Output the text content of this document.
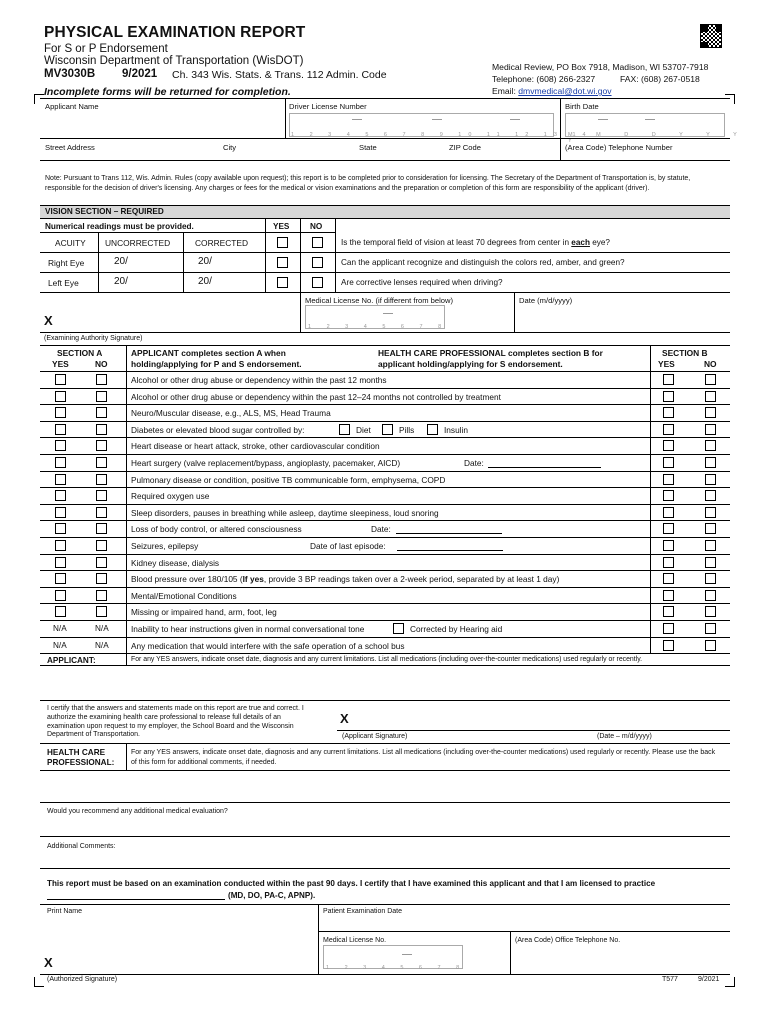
PHYSICAL EXAMINATION REPORT
For S or P Endorsement
Wisconsin Department of Transportation (WisDOT)
MV3030B 9/2021 Ch. 343 Wis. Stats. & Trans. 112 Admin. Code
Incomplete forms will be returned for completion.
Medical Review, PO Box 7918, Madison, WI 53707-7918
Telephone: (608) 266-2327	FAX: (608) 267-0518
Email: dmvmedical@dot.wi.gov
Applicant Name	Driver License Number
1 2 3 4 5 6 7 8 9 10 11 12 13 14
Birth Date
M M D D Y Y Y Y
Street Address	City	State	ZIP Code	(Area Code) Telephone Number
Note: Pursuant to Trans 112, Wis. Admin. Rules (copy available upon request); this report is to be completed prior to consideration for licensing. The Secretary of the Department of Transportation is, by statute, responsible for the decision of driver's licensing. Any charges or fees for the medical or vision examinations and the preparation or completion of this form are responsibility of the applicant (driver).
VISION SECTION – REQUIRED
Numerical readings must be provided.	YES	NO
ACUITY UNCORRECTED	CORRECTED	Is the temporal field of vision at least 70 degrees from center in each eye?
Right Eye	20/	20/	Can the applicant recognize and distinguish the colors red, amber, and green?
Left Eye	20/	20/	Are corrective lenses required when driving?
Medical License No. (if different from below)
1 2 3 4 5 6 7 8
Date (m/d/yyyy)
X
(Examining Authority Signature)
SECTION A
YES	NO
APPLICANT completes section A when
holding/applying for P and S endorsement.
HEALTH CARE PROFESSIONAL completes section B for
applicant holding/applying for S endorsement.
SECTION B
YES	NO
Alcohol or other drug abuse or dependency within the past 12 months
Alcohol or other drug abuse or dependency within the past 12–24 months not controlled by treatment
Neuro/Muscular disease, e.g., ALS, MS, Head Trauma
Diabetes or elevated blood sugar controlled by:	Diet	Pills	Insulin
Heart disease or heart attack, stroke, other cardiovascular condition
Heart surgery (valve replacement/bypass, angioplasty, pacemaker, AICD)	Date:
Pulmonary disease or condition, positive TB communicable form, emphysema, COPD
Required oxygen use
Sleep disorders, pauses in breathing while asleep, daytime sleepiness, loud snoring
Loss of body control, or altered consciousness	Date:
Seizures, epilepsy	Date of last episode:
Kidney disease, dialysis
Blood pressure over 180/105 (If yes, provide 3 BP readings taken over a 2-week period, separated by at least 1 day)
Mental/Emotional Conditions
Missing or impaired hand, arm, foot, leg
N/A	N/A	Inability to hear instructions given in normal conversational tone	Corrected by Hearing aid
N/A	N/A	Any medication that would interfere with the safe operation of a school bus
APPLICANT:	For any YES answers, indicate onset date, diagnosis and any current limitations. List all medications (including over-the-counter medications) used regularly or recently.
I certify that the answers and statements made on this report are true and correct. I authorize the examining health care professional to release full details of an examination upon request to my employer, the School Board and the Wisconsin Department of Transportation.
X
(Applicant Signature)	(Date – m/d/yyyy)
HEALTH CARE
PROFESSIONAL:
For any YES answers, indicate onset date, diagnosis and any current limitations. List all medications (including over-the-counter medications) used regularly or recently. Please use the back of this form for additional comments, if needed.
Would you recommend any additional medical evaluation?
Additional Comments:
This report must be based on an examination conducted within the past 90 days. I certify that I have examined this applicant and that I am licensed to practice
(MD, DO, PA-C, APNP).
Print Name	Patient Examination Date
Medical License No.
1 2 3 4 5 6 7 8
(Area Code) Office Telephone No.
X
(Authorized Signature)	T577	9/2021
